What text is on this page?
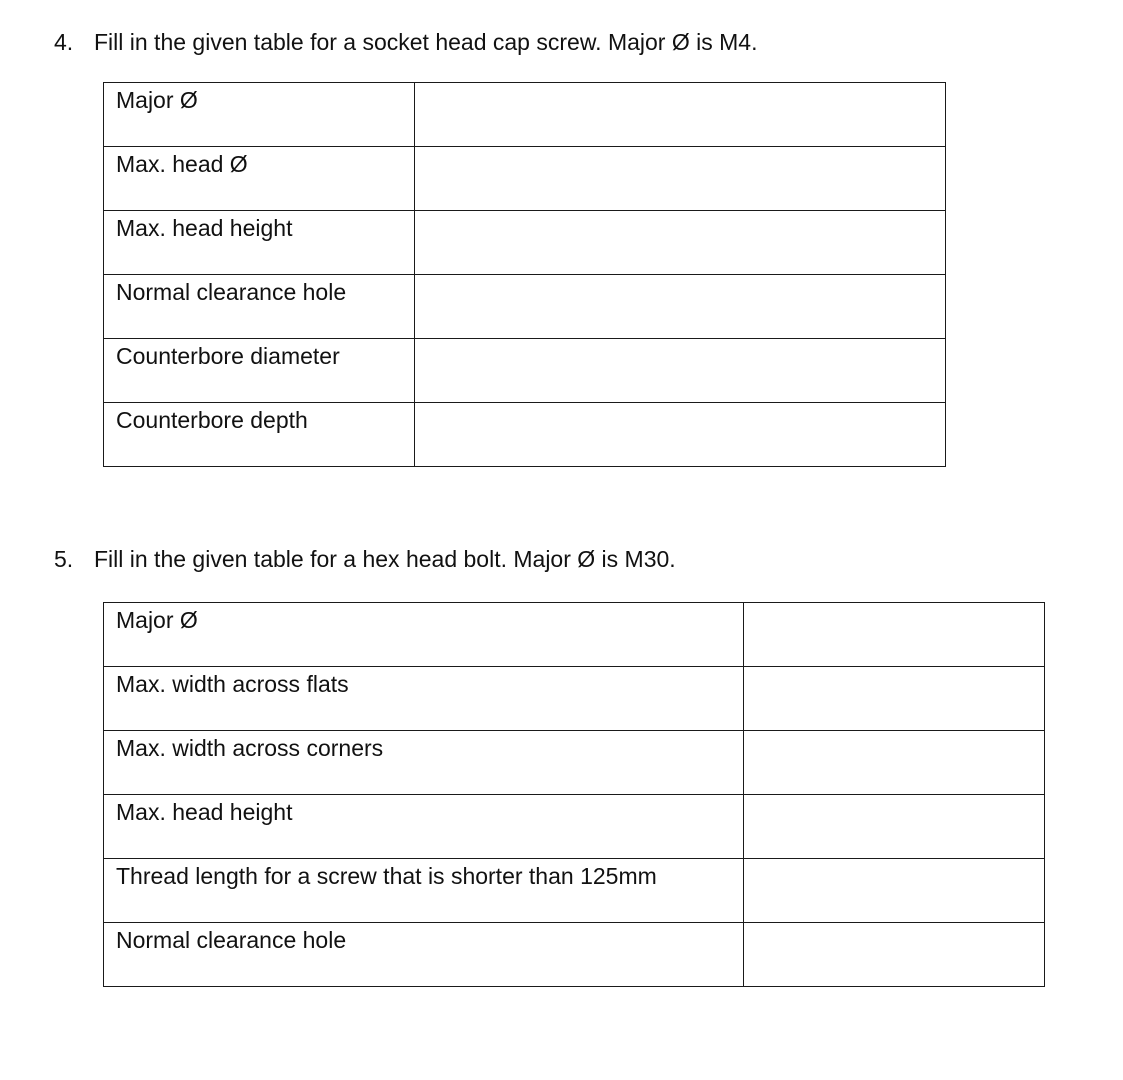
4. Fill in the given table for a socket head cap screw. Major Ø is M4.
Major Ø	
Max. head Ø	
Max. head height	
Normal clearance hole	
Counterbore diameter	
Counterbore depth	
5. Fill in the given table for a hex head bolt. Major Ø is M30.
Major Ø	
Max. width across flats	
Max. width across corners	
Max. head height	
Thread length for a screw that is shorter than 125mm	
Normal clearance hole	
